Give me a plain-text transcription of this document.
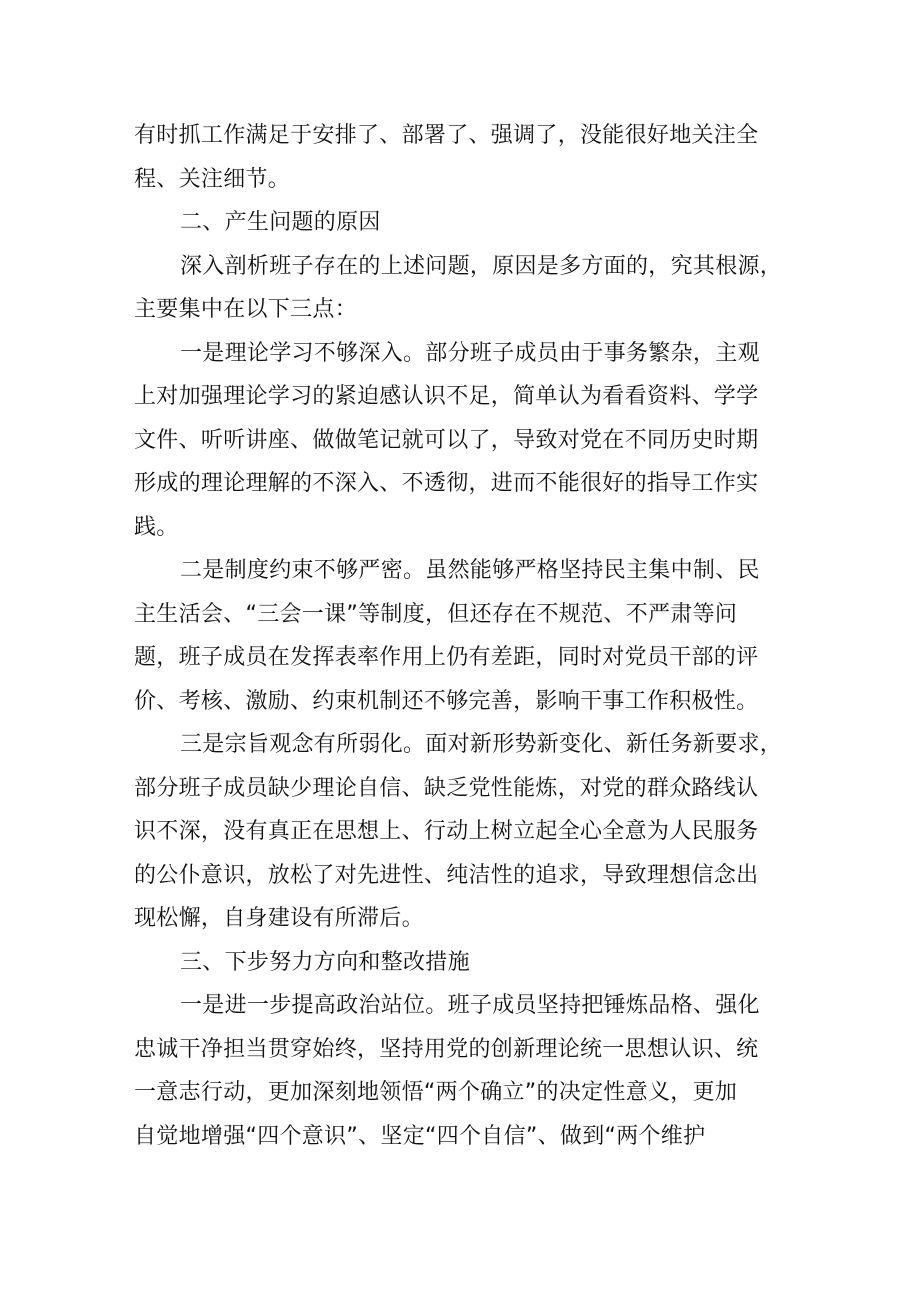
有时抓工作满足于安排了、部署了、强调了，没能很好地关注全
程、关注细节。
二、产生问题的原因
深入剖析班子存在的上述问题，原因是多方面的，究其根源，
主要集中在以下三点：
一是理论学习不够深入。部分班子成员由于事务繁杂，主观
上对加强理论学习的紧迫感认识不足，简单认为看看资料、学学
文件、听听讲座、做做笔记就可以了，导致对党在不同历史时期
形成的理论理解的不深入、不透彻，进而不能很好的指导工作实
践。
二是制度约束不够严密。虽然能够严格坚持民主集中制、民
主生活会、“三会一课”等制度，但还存在不规范、不严肃等问
题，班子成员在发挥表率作用上仍有差距，同时对党员干部的评
价、考核、激励、约束机制还不够完善，影响干事工作积极性。
三是宗旨观念有所弱化。面对新形势新变化、新任务新要求，
部分班子成员缺少理论自信、缺乏党性能炼，对党的群众路线认
识不深，没有真正在思想上、行动上树立起全心全意为人民服务
的公仆意识，放松了对先进性、纯洁性的追求，导致理想信念出
现松懈，自身建设有所滞后。
三、下步努力方向和整改措施
一是进一步提高政治站位。班子成员坚持把锤炼品格、强化
忠诚干净担当贯穿始终，坚持用党的创新理论统一思想认识、统
一意志行动，更加深刻地领悟“两个确立”的决定性意义，更加
自觉地增强“四个意识”、坚定“四个自信”、做到“两个维护
